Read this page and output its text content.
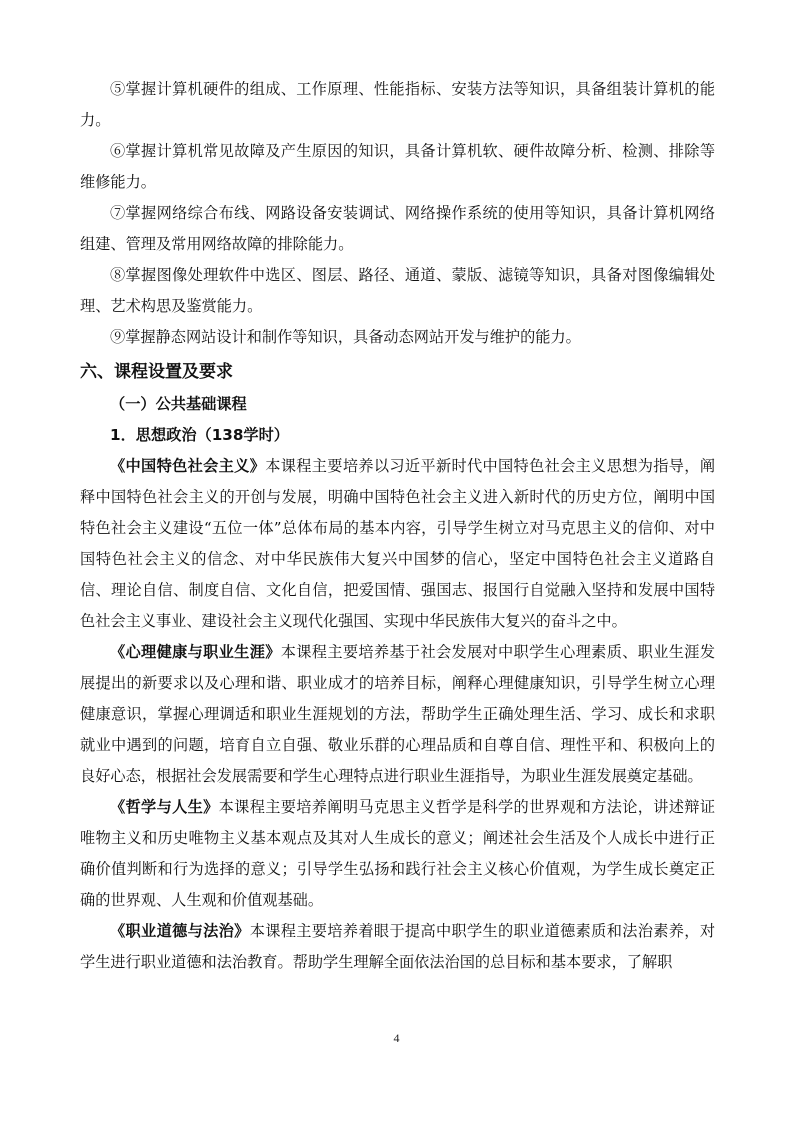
⑤掌握计算机硬件的组成、工作原理、性能指标、安装方法等知识，具备组装计算机的能力。

⑥掌握计算机常见故障及产生原因的知识，具备计算机软、硬件故障分析、检测、排除等维修能力。

⑦掌握网络综合布线、网路设备安装调试、网络操作系统的使用等知识，具备计算机网络组建、管理及常用网络故障的排除能力。

⑧掌握图像处理软件中选区、图层、路径、通道、蒙版、滤镜等知识，具备对图像编辑处理、艺术构思及鉴赏能力。

⑨掌握静态网站设计和制作等知识，具备动态网站开发与维护的能力。

六、课程设置及要求
（一）公共基础课程
1．思想政治（138学时）

《中国特色社会主义》本课程主要培养以习近平新时代中国特色社会主义思想为指导，阐释中国特色社会主义的开创与发展，明确中国特色社会主义进入新时代的历史方位，阐明中国特色社会主义建设“五位一体”总体布局的基本内容，引导学生树立对马克思主义的信仰、对中国特色社会主义的信念、对中华民族伟大复兴中国梦的信心，坚定中国特色社会主义道路自信、理论自信、制度自信、文化自信，把爱国情、强国志、报国行自觉融入坚持和发展中国特色社会主义事业、建设社会主义现代化强国、实现中华民族伟大复兴的奋斗之中。

《心理健康与职业生涯》本课程主要培养基于社会发展对中职学生心理素质、职业生涯发展提出的新要求以及心理和谐、职业成才的培养目标，阐释心理健康知识，引导学生树立心理健康意识，掌握心理调适和职业生涯规划的方法，帮助学生正确处理生活、学习、成长和求职就业中遇到的问题，培育自立自强、敬业乐群的心理品质和自尊自信、理性平和、积极向上的良好心态，根据社会发展需要和学生心理特点进行职业生涯指导，为职业生涯发展奠定基础。

《哲学与人生》本课程主要培养阐明马克思主义哲学是科学的世界观和方法论，讲述辩证唯物主义和历史唯物主义基本观点及其对人生成长的意义；阐述社会生活及个人成长中进行正确价值判断和行为选择的意义；引导学生弘扬和践行社会主义核心价值观，为学生成长奠定正确的世界观、人生观和价值观基础。

《职业道德与法治》本课程主要培养着眼于提高中职学生的职业道德素质和法治素养，对学生进行职业道德和法治教育。帮助学生理解全面依法治国的总目标和基本要求，了解职

4
